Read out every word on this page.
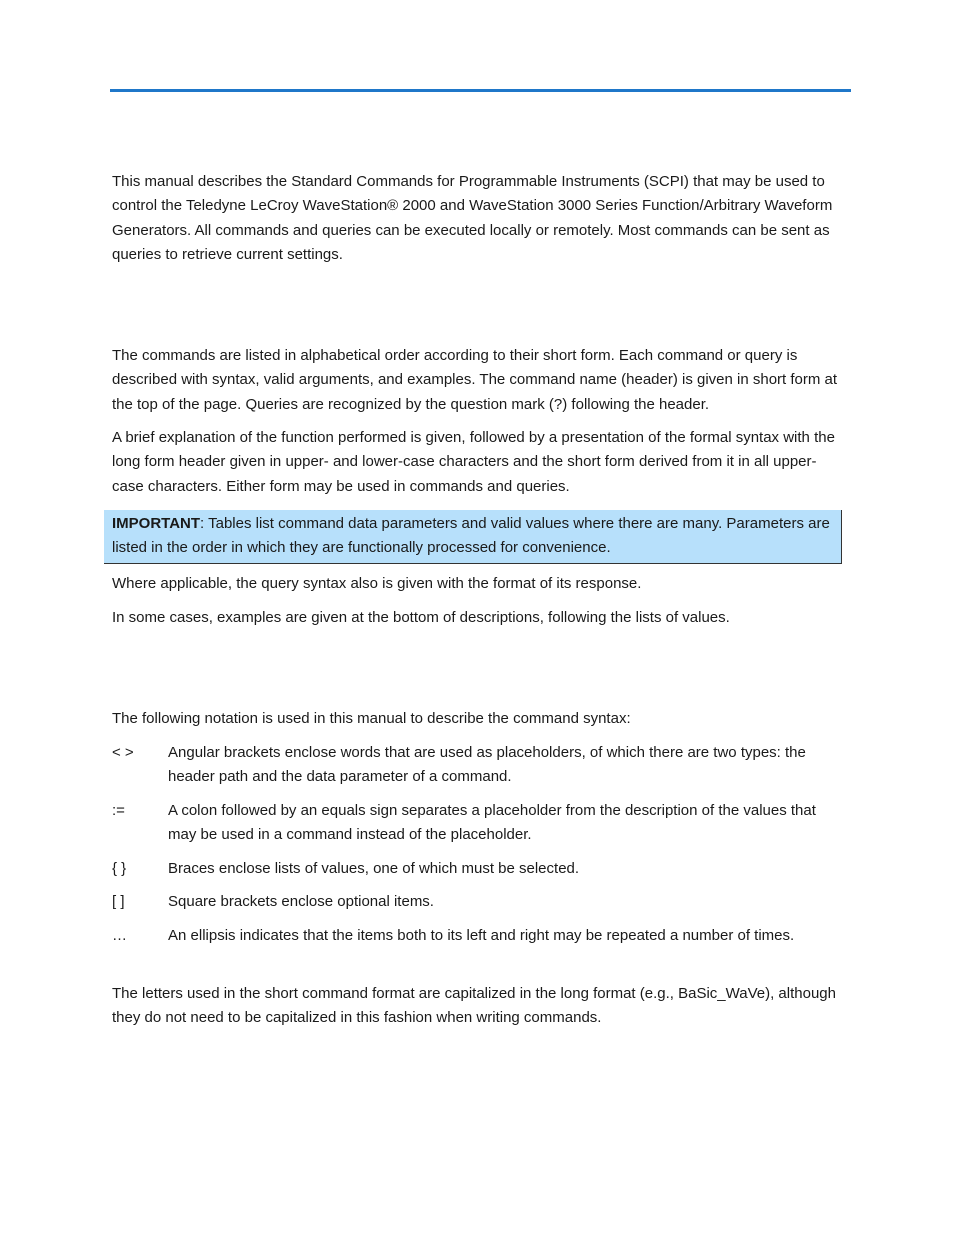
This manual describes the Standard Commands for Programmable Instruments (SCPI) that may be used to control the Teledyne LeCroy WaveStation® 2000 and WaveStation 3000 Series Function/Arbitrary Waveform Generators. All commands and queries can be executed locally or remotely. Most commands can be sent as queries to retrieve current settings.

The commands are listed in alphabetical order according to their short form. Each command or query is described with syntax, valid arguments, and examples. The command name (header) is given in short form at the top of the page. Queries are recognized by the question mark (?) following the header.

A brief explanation of the function performed is given, followed by a presentation of the formal syntax with the long form header given in upper- and lower-case characters and the short form derived from it in all upper-case characters. Either form may be used in commands and queries.

IMPORTANT: Tables list command data parameters and valid values where there are many. Parameters are listed in the order in which they are functionally processed for convenience.

Where applicable, the query syntax also is given with the format of its response.

In some cases, examples are given at the bottom of descriptions, following the lists of values.

The following notation is used in this manual to describe the command syntax:

< >	Angular brackets enclose words that are used as placeholders, of which there are two types: the header path and the data parameter of a command.
:=	A colon followed by an equals sign separates a placeholder from the description of the values that may be used in a command instead of the placeholder.
{ }	Braces enclose lists of values, one of which must be selected.
[ ]	Square brackets enclose optional items.
…	An ellipsis indicates that the items both to its left and right may be repeated a number of times.

The letters used in the short command format are capitalized in the long format (e.g., BaSic_WaVe), although they do not need to be capitalized in this fashion when writing commands.
